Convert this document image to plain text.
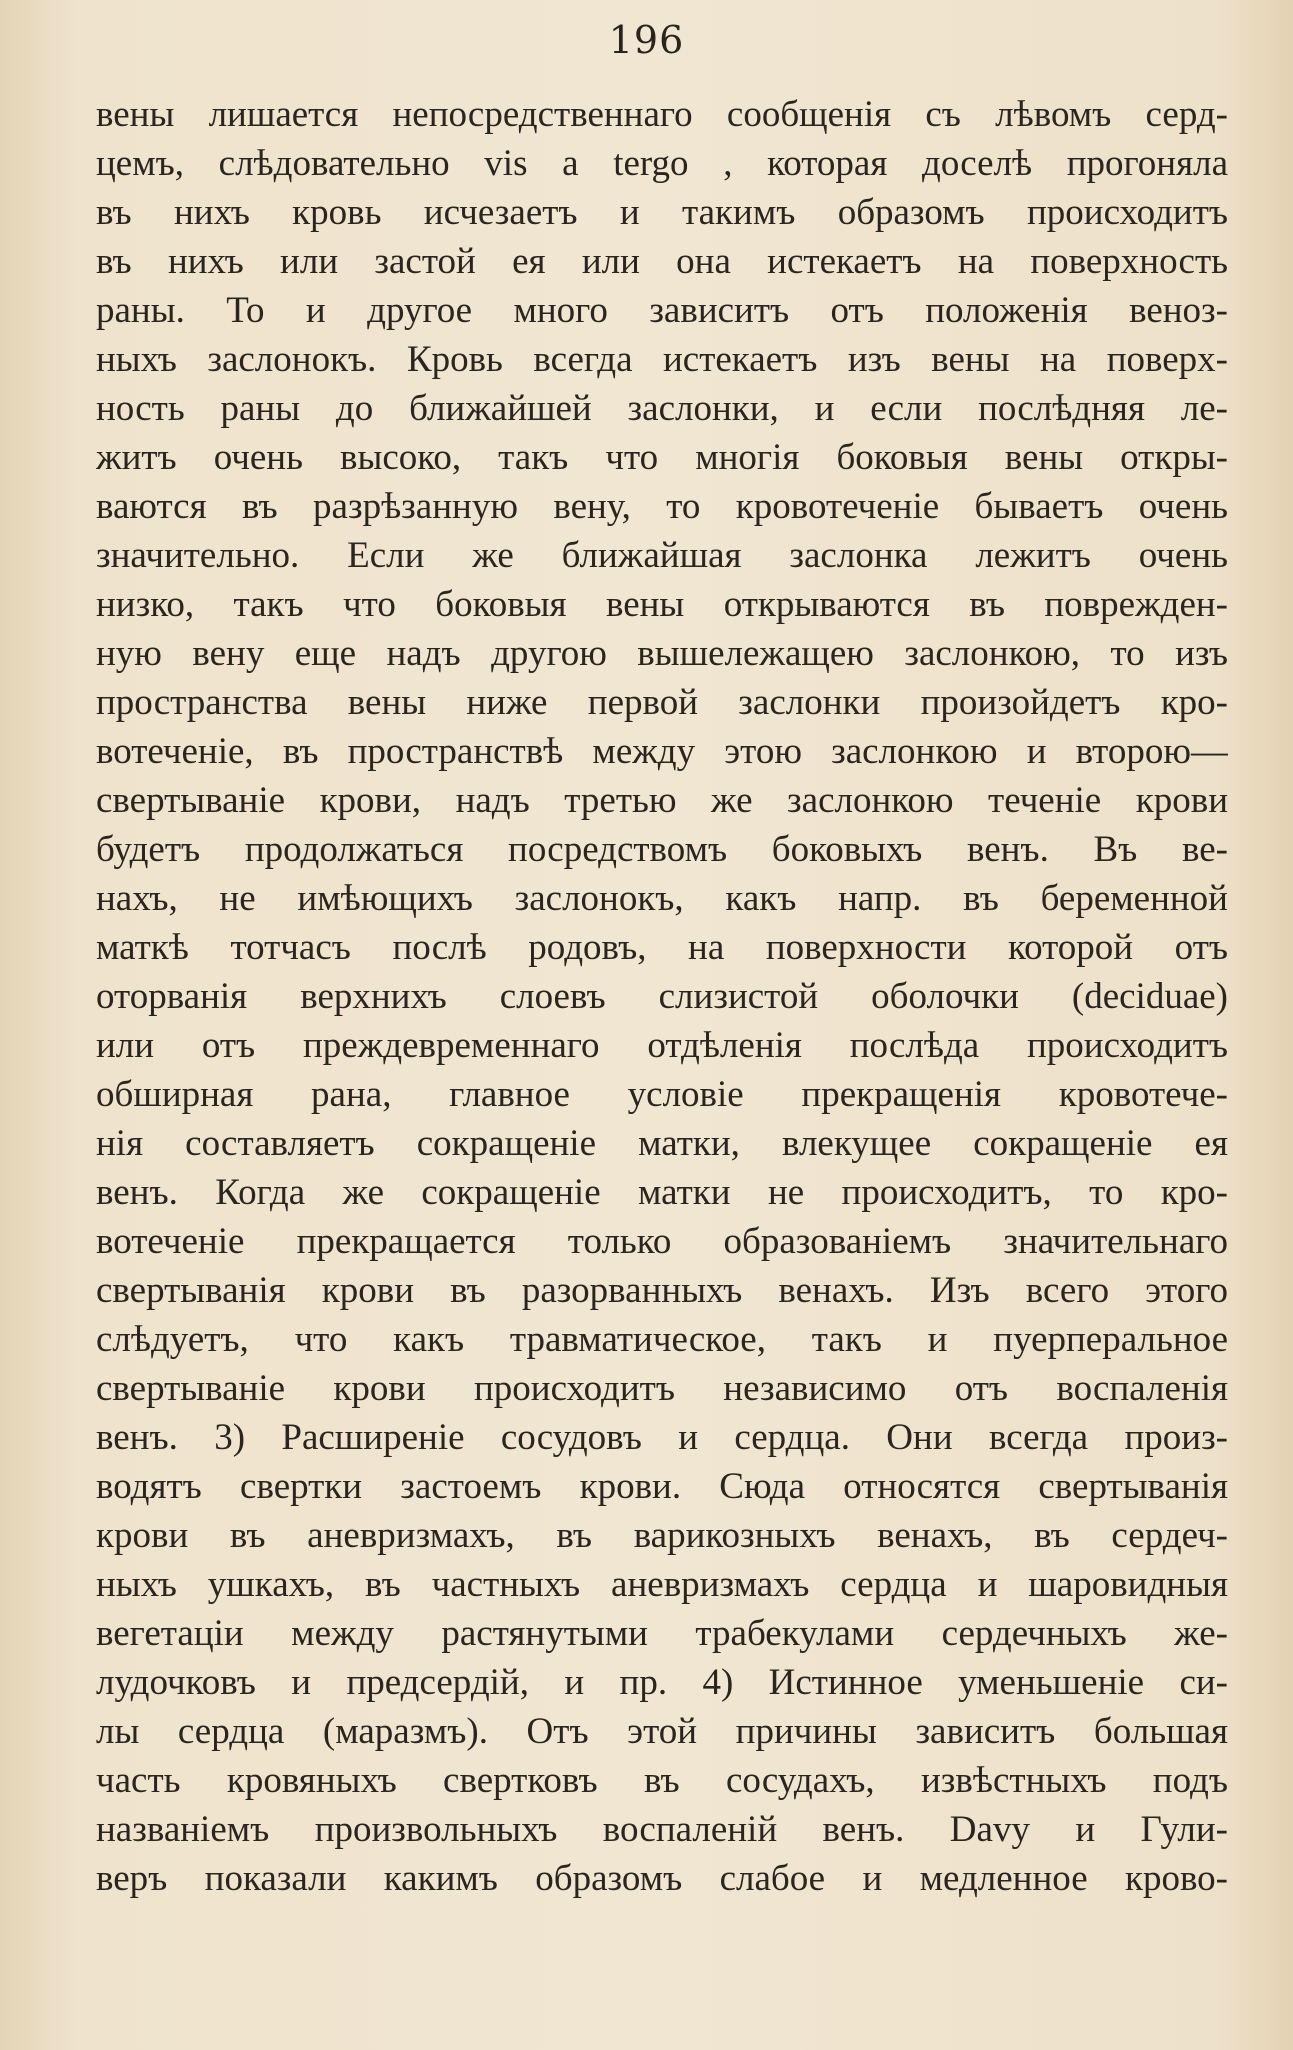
196
вены лишается непосредственнаго сообщенія съ лѣвомъ серд-
цемъ, слѣдовательно vis a tergo , которая доселѣ прогоняла
въ нихъ кровь исчезаетъ и такимъ образомъ происходитъ
въ нихъ или застой ея или она истекаетъ на поверхность
раны. То и другое много зависитъ отъ положенія веноз-
ныхъ заслонокъ. Кровь всегда истекаетъ изъ вены на поверх-
ность раны до ближайшей заслонки, и если послѣдняя лe-
житъ очень высоко, такъ что многія боковыя вены откры-
ваются въ разрѣзанную вену, то кровотеченіе бываетъ очень
значительно. Если же ближайшая заслонка лежитъ очень
низко, такъ что боковыя вены открываются въ поврежден-
ную вену еще надъ другою вышележащею заслонкою, то изъ
пространства вены ниже первой заслонки произойдетъ кро-
вотеченіе, въ пространствѣ между этою заслонкою и второю—
свертываніе крови, надъ третью же заслонкою теченіе крови
будетъ продолжаться посредствомъ боковыхъ венъ. Въ ве-
нахъ, не имѣющихъ заслонокъ, какъ напр. въ беременной
маткѣ тотчасъ послѣ родовъ, на поверхности которой отъ
оторванія верхнихъ слоевъ слизистой оболочки (deciduae)
или отъ преждевременнаго отдѣленія послѣда происходитъ
обширная рана, главное условіе прекращенія кровотече-
нія составляетъ сокращеніе матки, влекущее сокращеніе ея
венъ. Когда же сокращеніе матки не происходитъ, то кро-
вотеченіе прекращается только образованіемъ значительнаго
свертыванія крови въ разорванныхъ венахъ. Изъ всего этого
слѣдуетъ, что какъ травматическое, такъ и пуерперальное
свертываніе крови происходитъ независимо отъ воспаленія
венъ. 3) Расширеніе сосудовъ и сердца. Они всегда произ-
водятъ свертки застоемъ крови. Сюда относятся свертыванія
крови въ аневризмахъ, въ варикозныхъ венахъ, въ сердеч-
ныхъ ушкахъ, въ частныхъ аневризмахъ сердца и шаровидныя
вегетаціи между растянутыми трабекулами сердечныхъ же-
лудочковъ и предсердій, и пр. 4) Истинное уменьшеніе си-
лы сердца (маразмъ). Отъ этой причины зависитъ большая
часть кровяныхъ свертковъ въ сосудахъ, извѣстныхъ подъ
названіемъ произвольныхъ воспаленій венъ. Davy и Гули-
веръ показали какимъ образомъ слабое и медленное крово-
